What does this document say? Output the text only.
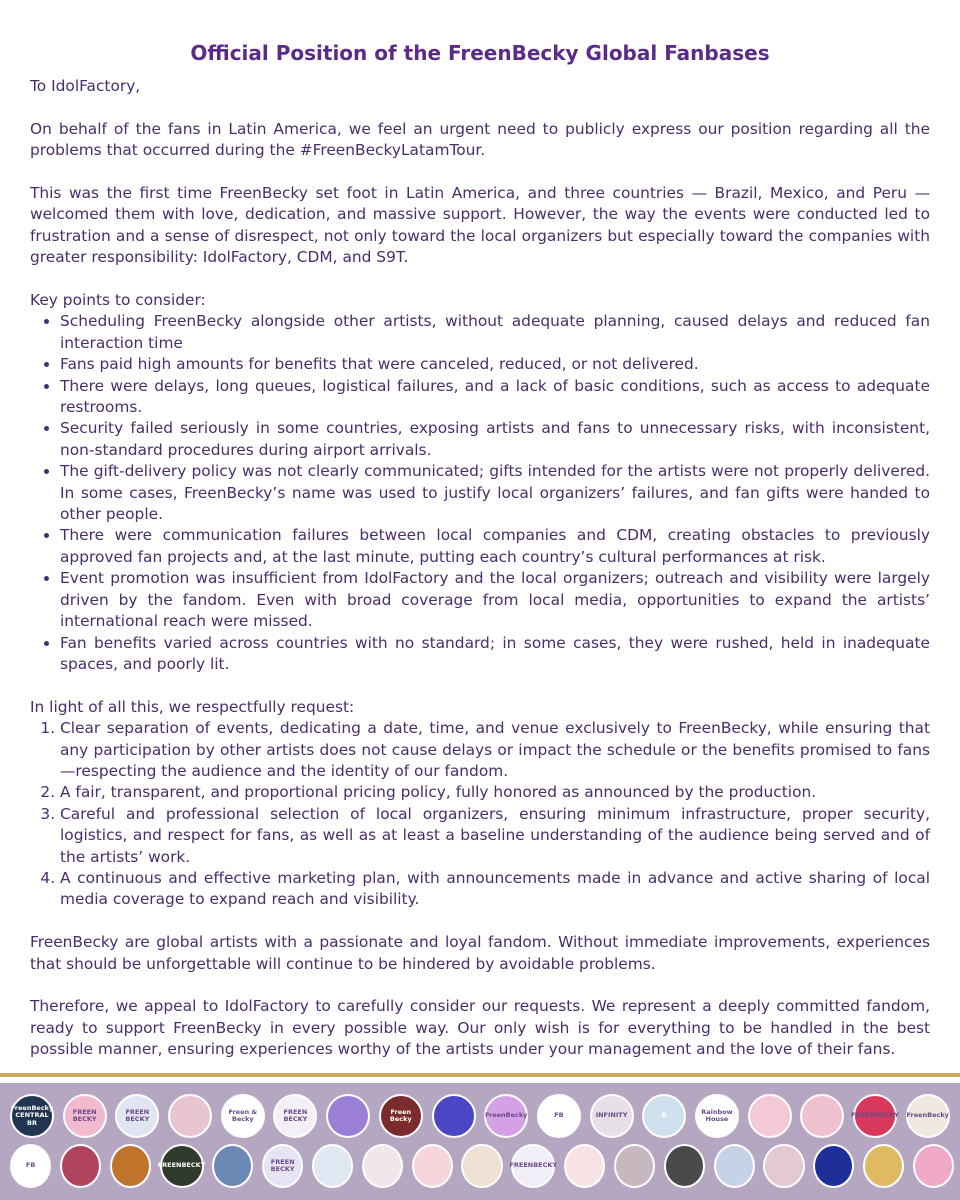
Official Position of the FreenBecky Global Fanbases

To IdolFactory,

On behalf of the fans in Latin America, we feel an urgent need to publicly express our position regarding all the problems that occurred during the #FreenBeckyLatamTour.

This was the first time FreenBecky set foot in Latin America, and three countries — Brazil, Mexico, and Peru — welcomed them with love, dedication, and massive support. However, the way the events were conducted led to frustration and a sense of disrespect, not only toward the local organizers but especially toward the companies with greater responsibility: IdolFactory, CDM, and S9T.

Key points to consider:

• Scheduling FreenBecky alongside other artists, without adequate planning, caused delays and reduced fan interaction time
• Fans paid high amounts for benefits that were canceled, reduced, or not delivered.
• There were delays, long queues, logistical failures, and a lack of basic conditions, such as access to adequate restrooms.
• Security failed seriously in some countries, exposing artists and fans to unnecessary risks, with inconsistent, non-standard procedures during airport arrivals.
• The gift-delivery policy was not clearly communicated; gifts intended for the artists were not properly delivered. In some cases, FreenBecky’s name was used to justify local organizers’ failures, and fan gifts were handed to other people.
• There were communication failures between local companies and CDM, creating obstacles to previously approved fan projects and, at the last minute, putting each country’s cultural performances at risk.
• Event promotion was insufficient from IdolFactory and the local organizers; outreach and visibility were largely driven by the fandom. Even with broad coverage from local media, opportunities to expand the artists’ international reach were missed.
• Fan benefits varied across countries with no standard; in some cases, they were rushed, held in inadequate spaces, and poorly lit.

In light of all this, we respectfully request:

1. Clear separation of events, dedicating a date, time, and venue exclusively to FreenBecky, while ensuring that any participation by other artists does not cause delays or impact the schedule or the benefits promised to fans—respecting the audience and the identity of our fandom.
2. A fair, transparent, and proportional pricing policy, fully honored as announced by the production.
3. Careful and professional selection of local organizers, ensuring minimum infrastructure, proper security, logistics, and respect for fans, as well as at least a baseline understanding of the audience being served and of the artists’ work.
4. A continuous and effective marketing plan, with announcements made in advance and active sharing of local media coverage to expand reach and visibility.

FreenBecky are global artists with a passionate and loyal fandom. Without immediate improvements, experiences that should be unforgettable will continue to be hindered by avoidable problems.

Therefore, we appeal to IdolFactory to carefully consider our requests. We represent a deeply committed fandom, ready to support FreenBecky in every possible way. Our only wish is for everything to be handled in the best possible manner, ensuring experiences worthy of the artists under your management and the love of their fans.

FreenBecky CENTRAL BR
FREEN BECKY
FREEN BECKY
Freen & Becky
FREEN BECKY
Freen Becky	FreenBecky	FB	INFINITY	B	Rainbow House	FREENBECKY	FreenBecky
FB	FREENBECKY	FREEN BECKY	FREENBECKY
